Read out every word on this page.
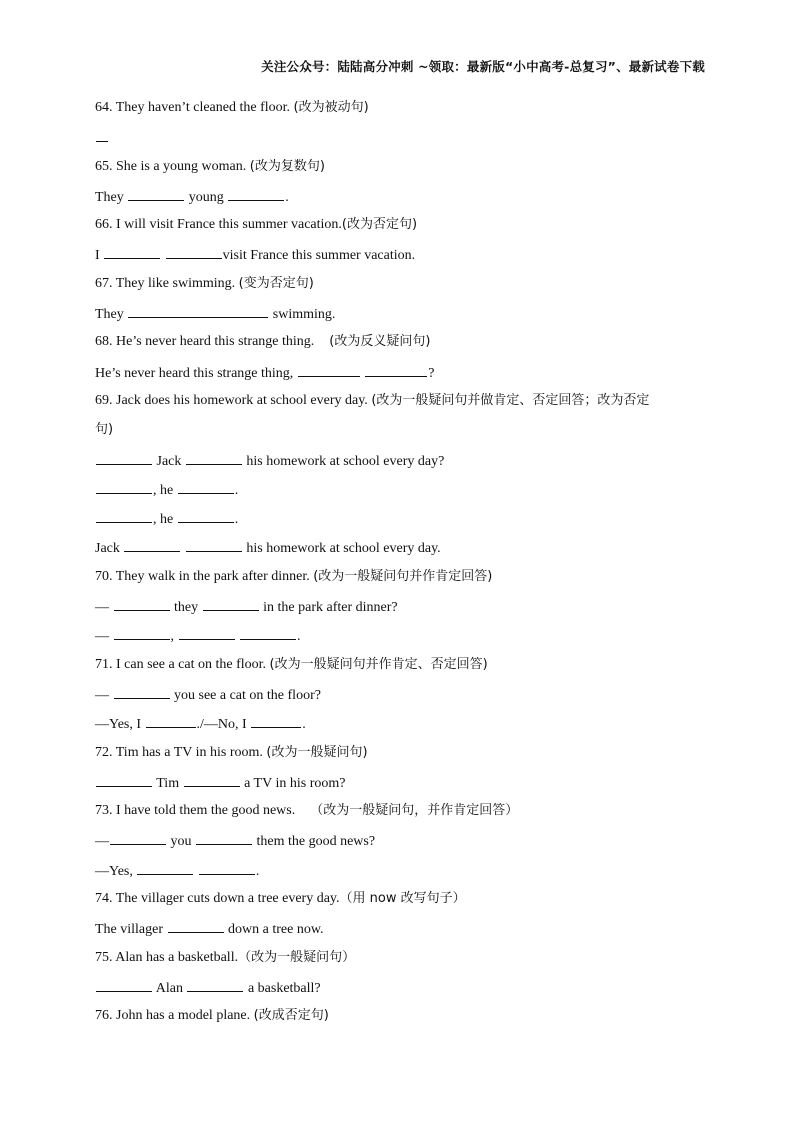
关注公众号：陆陆高分冲刺 ~领取：最新版“小中高考-总复习”、最新试卷下载
64. They haven’t cleaned the floor. (改为被动句)
65. She is a young woman. (改为复数句)
They	young	.
66. I will visit France this summer vacation.(改为否定句)
I	visit France this summer vacation.
67. They like swimming. (变为否定句)
They	swimming.
68. He’s never heard this strange thing. (改为反义疑问句)
He’s never heard this strange thing,	?
69. Jack does his homework at school every day. (改为一般疑问句并做肯定、否定回答；改为否定
句)
Jack	his homework at school every day?
, he	.
, he	.
Jack	his homework at school every day.
70. They walk in the park after dinner. (改为一般疑问句并作肯定回答)
—	they	in the park after dinner?
—	,	.
71. I can see a cat on the floor. (改为一般疑问句并作肯定、否定回答)
—	you see a cat on the floor?
—Yes, I	./—No, I	.
72. Tim has a TV in his room. (改为一般疑问句)
Tim	a TV in his room?
73. I have told them the good news. （改为一般疑问句，并作肯定回答）
—	you	them the good news?
—Yes,	.
74. The villager cuts down a tree every day.（用 now 改写句子）
The villager	down a tree now.
75. Alan has a basketball.（改为一般疑问句）
Alan	a basketball?
76. John has a model plane. (改成否定句)
